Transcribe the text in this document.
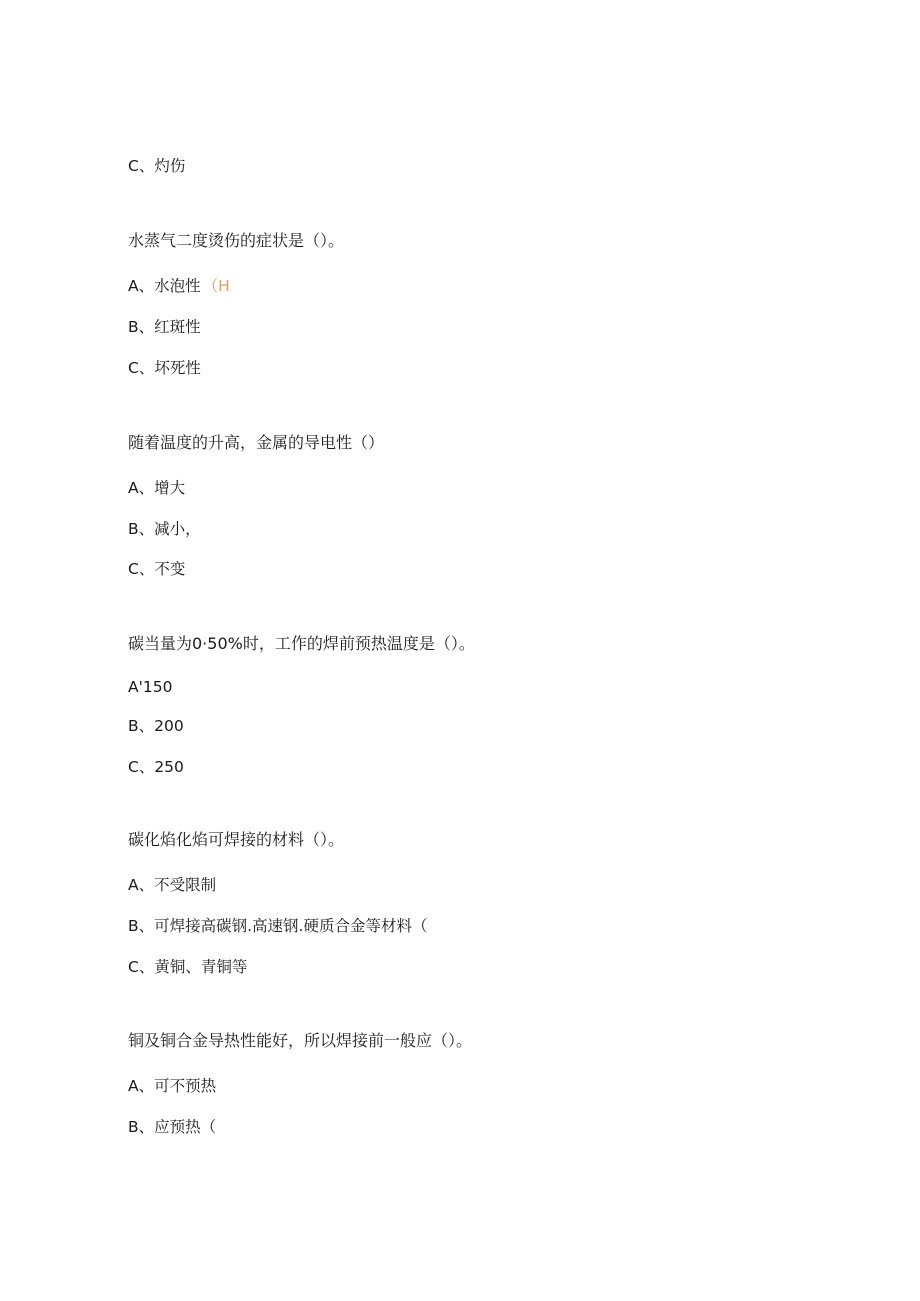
C、灼伤
水蒸气二度烫伤的症状是（）。
A、水泡性 （H
B、红斑性
C、坏死性
随着温度的升高，金属的导电性（）
A、增大
B、减小，
C、不变
碳当量为0·50%时，工作的焊前预热温度是（）。
A'150
B、200
C、250
碳化焰化焰可焊接的材料（）。
A、不受限制
B、可焊接高碳钢.高速钢.硬质合金等材料（
C、黄铜、青铜等
铜及铜合金导热性能好，所以焊接前一般应（）。
A、可不预热
B、应预热（
